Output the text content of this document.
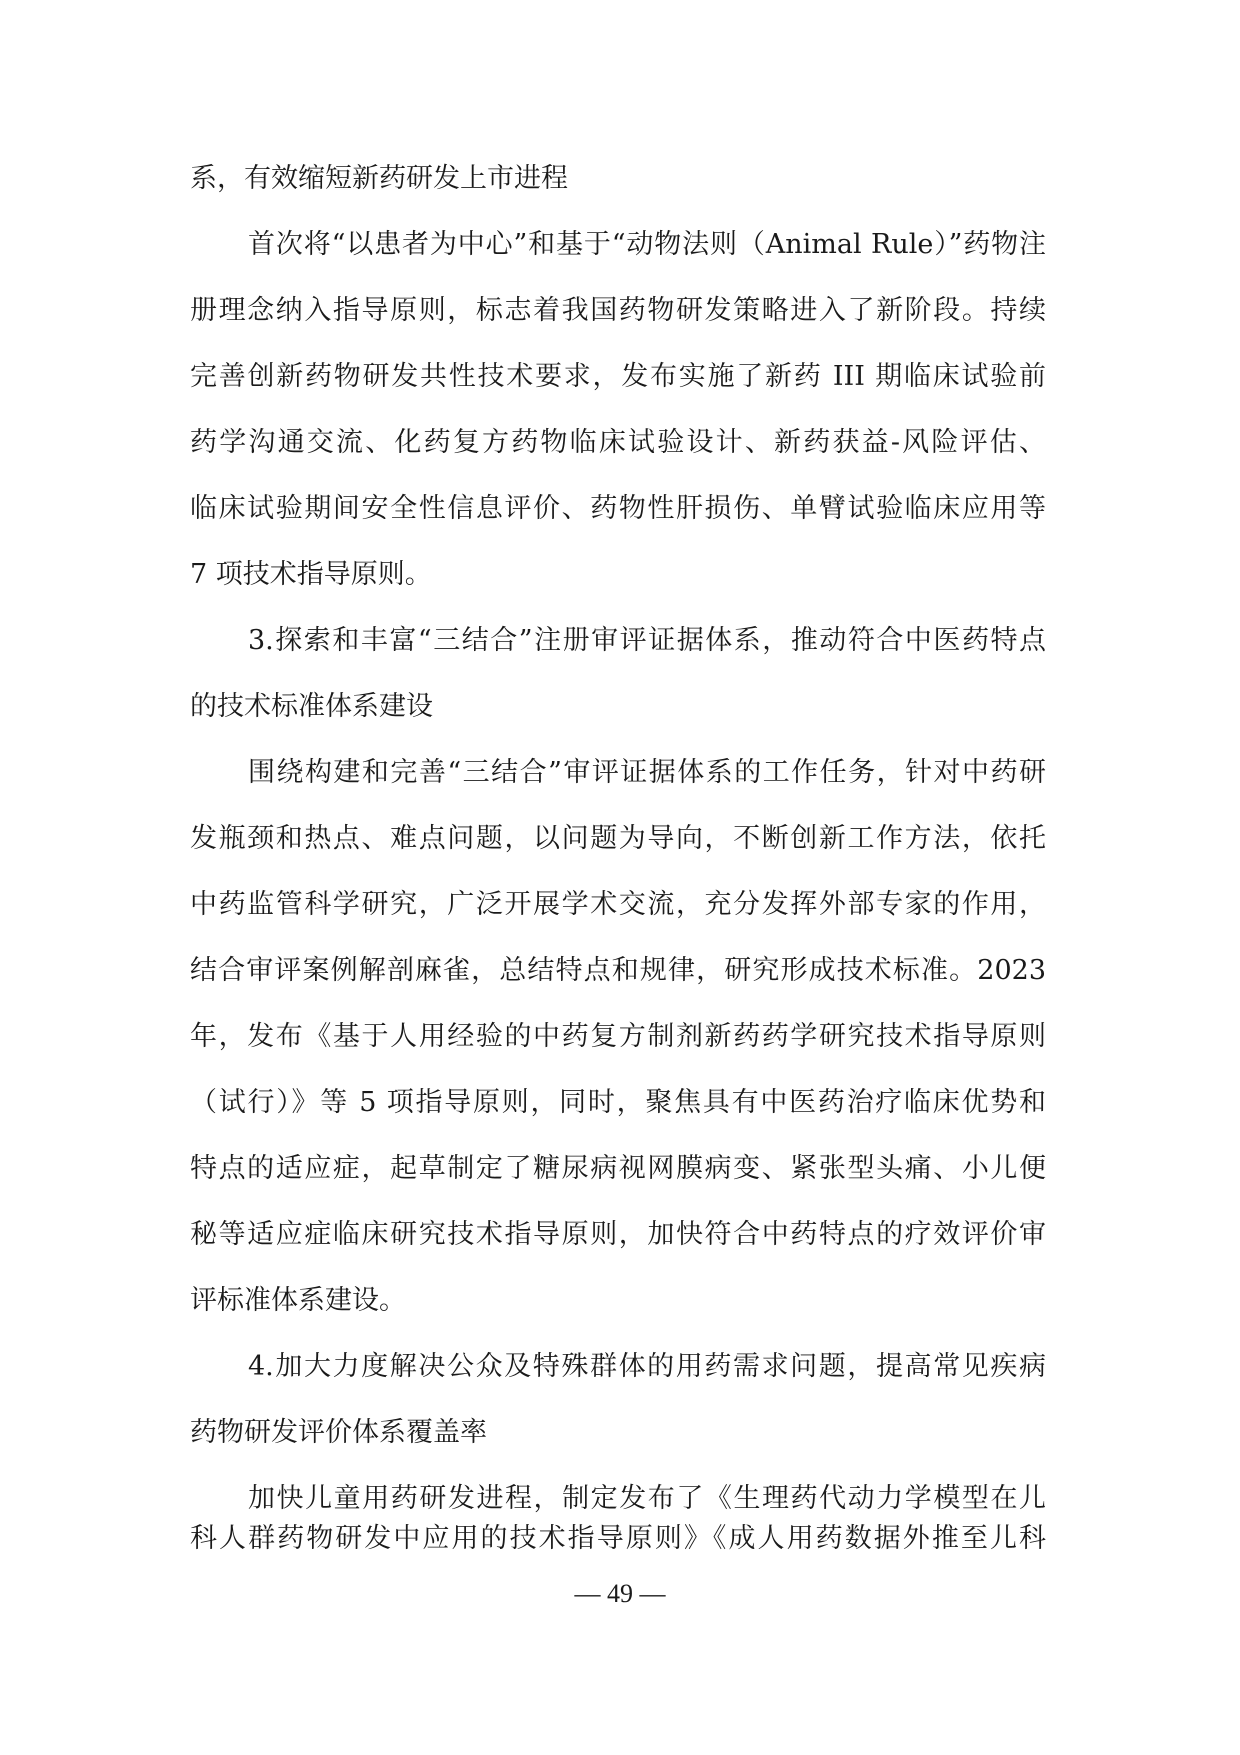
系，有效缩短新药研发上市进程
首次将“以患者为中心”和基于“动物法则（Animal Rule）”药物注
册理念纳入指导原则，标志着我国药物研发策略进入了新阶段。持续
完善创新药物研发共性技术要求，发布实施了新药 III 期临床试验前
药学沟通交流、化药复方药物临床试验设计、新药获益-风险评估、
临床试验期间安全性信息评价、药物性肝损伤、单臂试验临床应用等
7 项技术指导原则。
3.探索和丰富“三结合”注册审评证据体系，推动符合中医药特点
的技术标准体系建设
围绕构建和完善“三结合”审评证据体系的工作任务，针对中药研
发瓶颈和热点、难点问题，以问题为导向，不断创新工作方法，依托
中药监管科学研究，广泛开展学术交流，充分发挥外部专家的作用，
结合审评案例解剖麻雀，总结特点和规律，研究形成技术标准。2023
年，发布《基于人用经验的中药复方制剂新药药学研究技术指导原则
（试行）》等 5 项指导原则，同时，聚焦具有中医药治疗临床优势和
特点的适应症，起草制定了糖尿病视网膜病变、紧张型头痛、小儿便
秘等适应症临床研究技术指导原则，加快符合中药特点的疗效评价审
评标准体系建设。
4.加大力度解决公众及特殊群体的用药需求问题，提高常见疾病
药物研发评价体系覆盖率
加快儿童用药研发进程，制定发布了《生理药代动力学模型在儿
科人群药物研发中应用的技术指导原则》《成人用药数据外推至儿科
— 49 —
